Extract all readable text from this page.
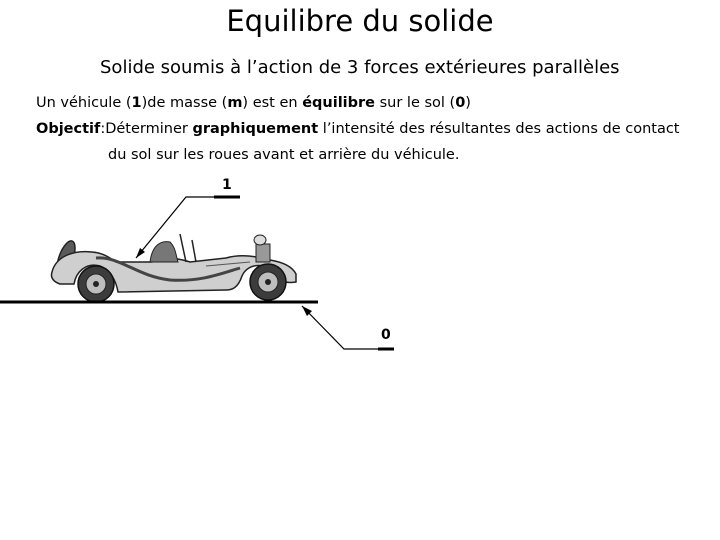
Equilibre du solide
Solide soumis à l’action de 3 forces extérieures parallèles
Un véhicule (1)de masse (m) est en équilibre sur le sol (0)
Objectif:Déterminer graphiquement l’intensité des résultantes des actions de contact
du sol sur les roues avant et arrière du véhicule.
1
0
